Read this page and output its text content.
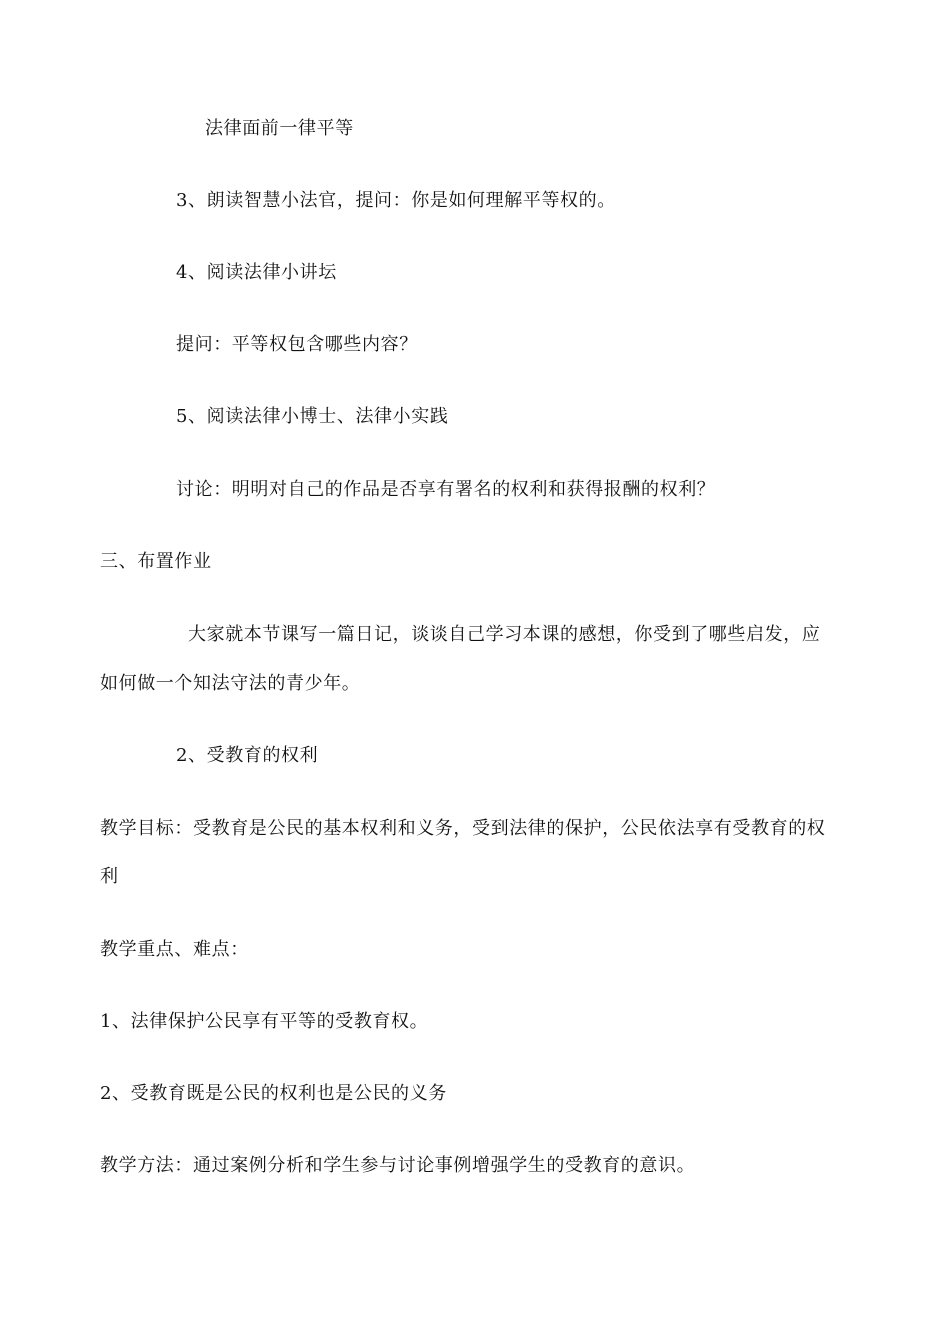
法律面前一律平等
3、朗读智慧小法官，提问：你是如何理解平等权的。
4、阅读法律小讲坛
提问：平等权包含哪些内容？
5、阅读法律小博士、法律小实践
讨论：明明对自己的作品是否享有署名的权利和获得报酬的权利？
三、布置作业
大家就本节课写一篇日记，谈谈自己学习本课的感想，你受到了哪些启发，应
如何做一个知法守法的青少年。
2、受教育的权利
教学目标：受教育是公民的基本权利和义务，受到法律的保护，公民依法享有受教育的权
利
教学重点、难点：
1、法律保护公民享有平等的受教育权。
2、受教育既是公民的权利也是公民的义务
教学方法：通过案例分析和学生参与讨论事例增强学生的受教育的意识。
